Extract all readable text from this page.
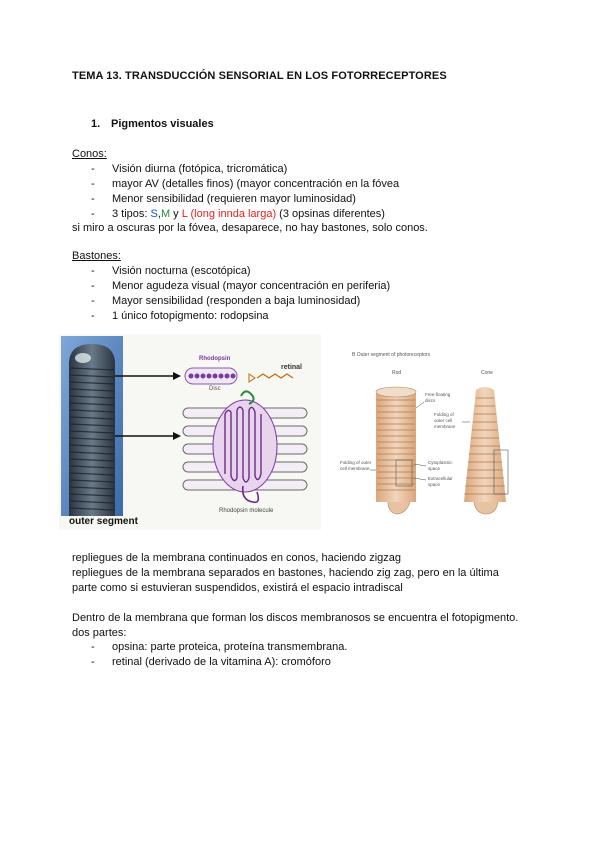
TEMA 13. TRANSDUCCIÓN SENSORIAL EN LOS FOTORRECEPTORES
1. Pigmentos visuales
Conos:
- Visión diurna (fotópica, tricromática)
- mayor AV (detalles finos) (mayor concentración en la fóvea
- Menor sensibilidad (requieren mayor luminosidad)
- 3 tipos: S,M y L (long innda larga) (3 opsinas diferentes)
si miro a oscuras por la fóvea, desaparece, no hay bastones, solo conos.
Bastones:
- Visión nocturna (escotópica)
- Menor agudeza visual (mayor concentración en periferia)
- Mayor sensibilidad (responden a baja luminosidad)
- 1 único fotopigmento: rodopsina
Rhodopsin
Disc
retinal
Rhodopsin molecule
outer segment
B Outer segment of photoreceptors
Rod	Cone
Free-floating discs
Folding of outer cell membrane
Folding of outer cell membrane
Cytoplasmic space
Extracellular space
repliegues de la membrana continuados en conos, haciendo zigzag
repliegues de la membrana separados en bastones, haciendo zig zag, pero en la última
parte como si estuvieran suspendidos, existirá el espacio intradiscal
Dentro de la membrana que forman los discos membranosos se encuentra el fotopigmento.
dos partes:
- opsina: parte proteica, proteína transmembrana.
- retinal (derivado de la vitamina A): cromóforo
